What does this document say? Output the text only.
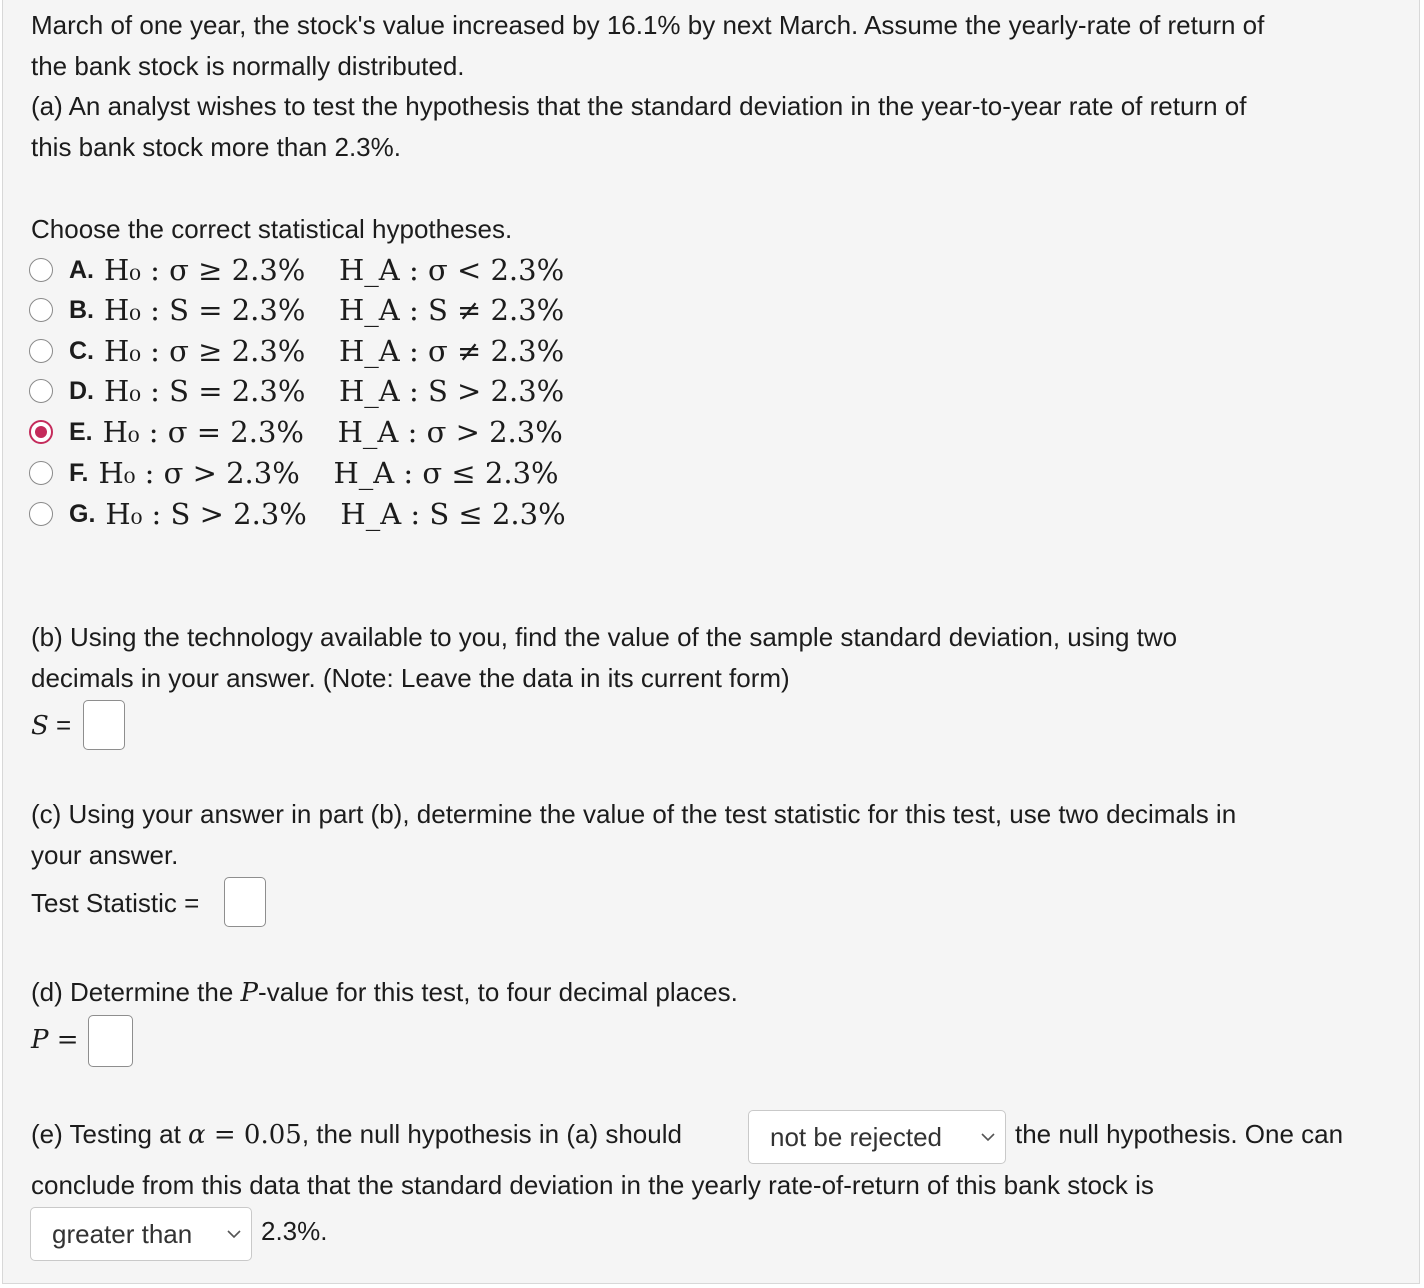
March of one year, the stock's value increased by 16.1% by next March. Assume the yearly-rate of return of
the bank stock is normally distributed.
(a) An analyst wishes to test the hypothesis that the standard deviation in the year-to-year rate of return of
this bank stock more than 2.3%.
Choose the correct statistical hypotheses.
A. H₀ : σ ≥ 2.3%	H_A : σ < 2.3%
B. H₀ : S = 2.3%	H_A : S ≠ 2.3%
C. H₀ : σ ≥ 2.3%	H_A : σ ≠ 2.3%
D. H₀ : S = 2.3%	H_A : S > 2.3%
E. H₀ : σ = 2.3%	H_A : σ > 2.3%
F. H₀ : σ > 2.3%	H_A : σ ≤ 2.3%
G. H₀ : S > 2.3%	H_A : S ≤ 2.3%
(b) Using the technology available to you, find the value of the sample standard deviation, using two
decimals in your answer. (Note: Leave the data in its current form)
S =
(c) Using your answer in part (b), determine the value of the test statistic for this test, use two decimals in
your answer.
Test Statistic =
(d) Determine the P-value for this test, to four decimal places.
P =
(e) Testing at α = 0.05, the null hypothesis in (a) should	not be rejected	the null hypothesis. One can
conclude from this data that the standard deviation in the yearly rate-of-return of this bank stock is
greater than	2.3%.
